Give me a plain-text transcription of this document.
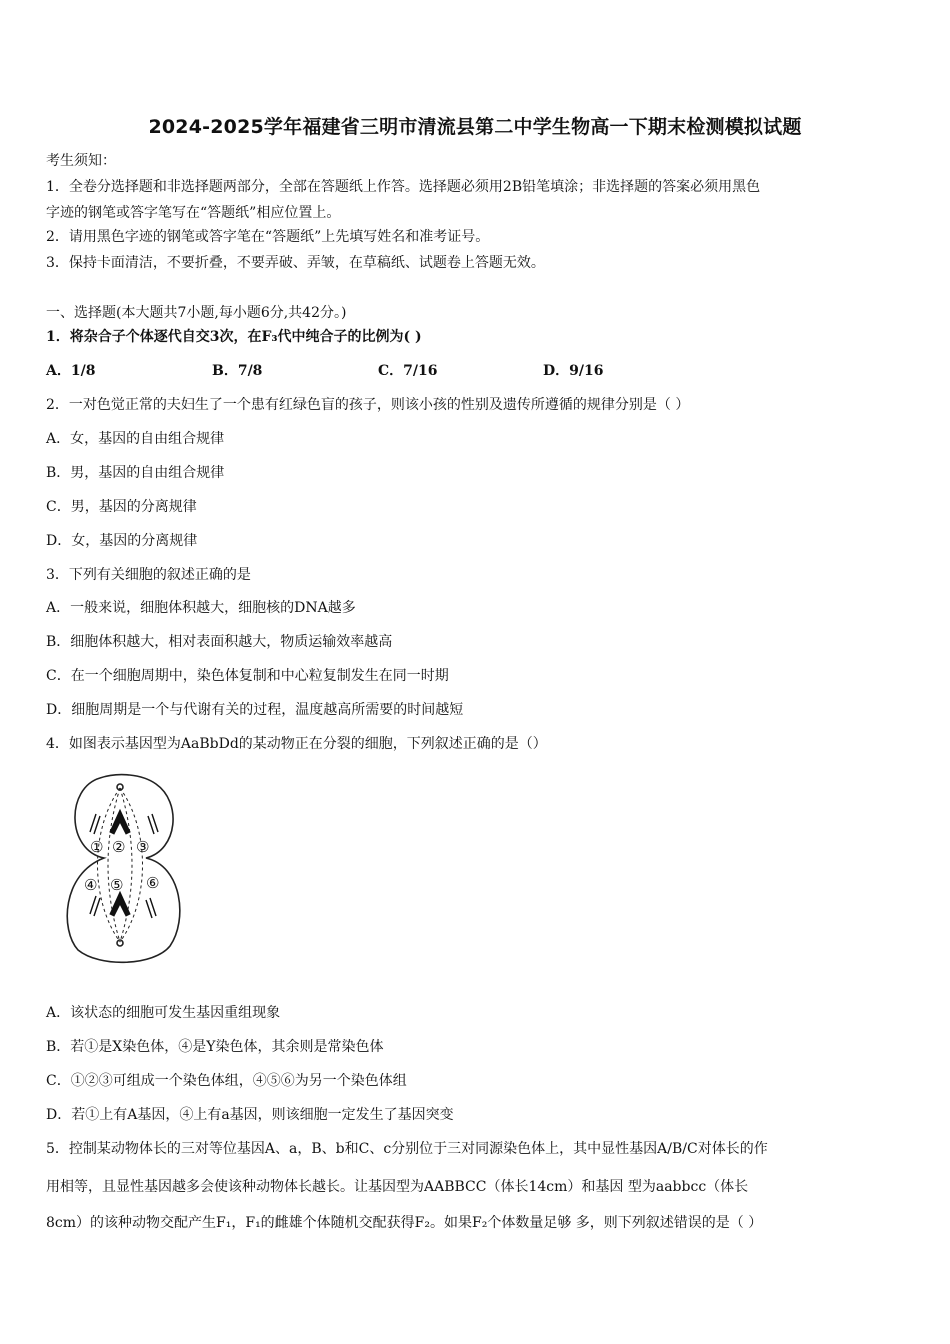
2024-2025学年福建省三明市清流县第二中学生物高一下期末检测模拟试题
考生须知：
1．全卷分选择题和非选择题两部分，全部在答题纸上作答。选择题必须用2B铅笔填涂；非选择题的答案必须用黑色
字迹的钢笔或答字笔写在“答题纸”相应位置上。
2．请用黑色字迹的钢笔或答字笔在“答题纸”上先填写姓名和准考证号。
3．保持卡面清洁，不要折叠，不要弄破、弄皱，在草稿纸、试题卷上答题无效。
一、选择题(本大题共7小题,每小题6分,共42分。)
1．将杂合子个体逐代自交3次，在F₃代中纯合子的比例为( )
A．1/8	B．7/8	C．7/16	D．9/16
2．一对色觉正常的夫妇生了一个患有红绿色盲的孩子，则该小孩的性别及遗传所遵循的规律分别是（ ）
A．女，基因的自由组合规律
B．男，基因的自由组合规律
C．男，基因的分离规律
D．女，基因的分离规律
3．下列有关细胞的叙述正确的是
A．一般来说，细胞体积越大，细胞核的DNA越多
B．细胞体积越大，相对表面积越大，物质运输效率越高
C．在一个细胞周期中，染色体复制和中心粒复制发生在同一时期
D．细胞周期是一个与代谢有关的过程，温度越高所需要的时间越短
4．如图表示基因型为AaBbDd的某动物正在分裂的细胞，下列叙述正确的是（）
① ② ③
④ ⑤ ⑥
A．该状态的细胞可发生基因重组现象
B．若①是X染色体，④是Y染色体，其余则是常染色体
C．①②③可组成一个染色体组，④⑤⑥为另一个染色体组
D．若①上有A基因，④上有a基因，则该细胞一定发生了基因突变
5．控制某动物体长的三对等位基因A、a，B、b和C、c分别位于三对同源染色体上，其中显性基因A/B/C对体长的作
用相等，且显性基因越多会使该种动物体长越长。让基因型为AABBCC（体长14cm）和基因 型为aabbcc（体长
8cm）的该种动物交配产生F₁，F₁的雌雄个体随机交配获得F₂。如果F₂个体数量足够 多，则下列叙述错误的是（ ）
